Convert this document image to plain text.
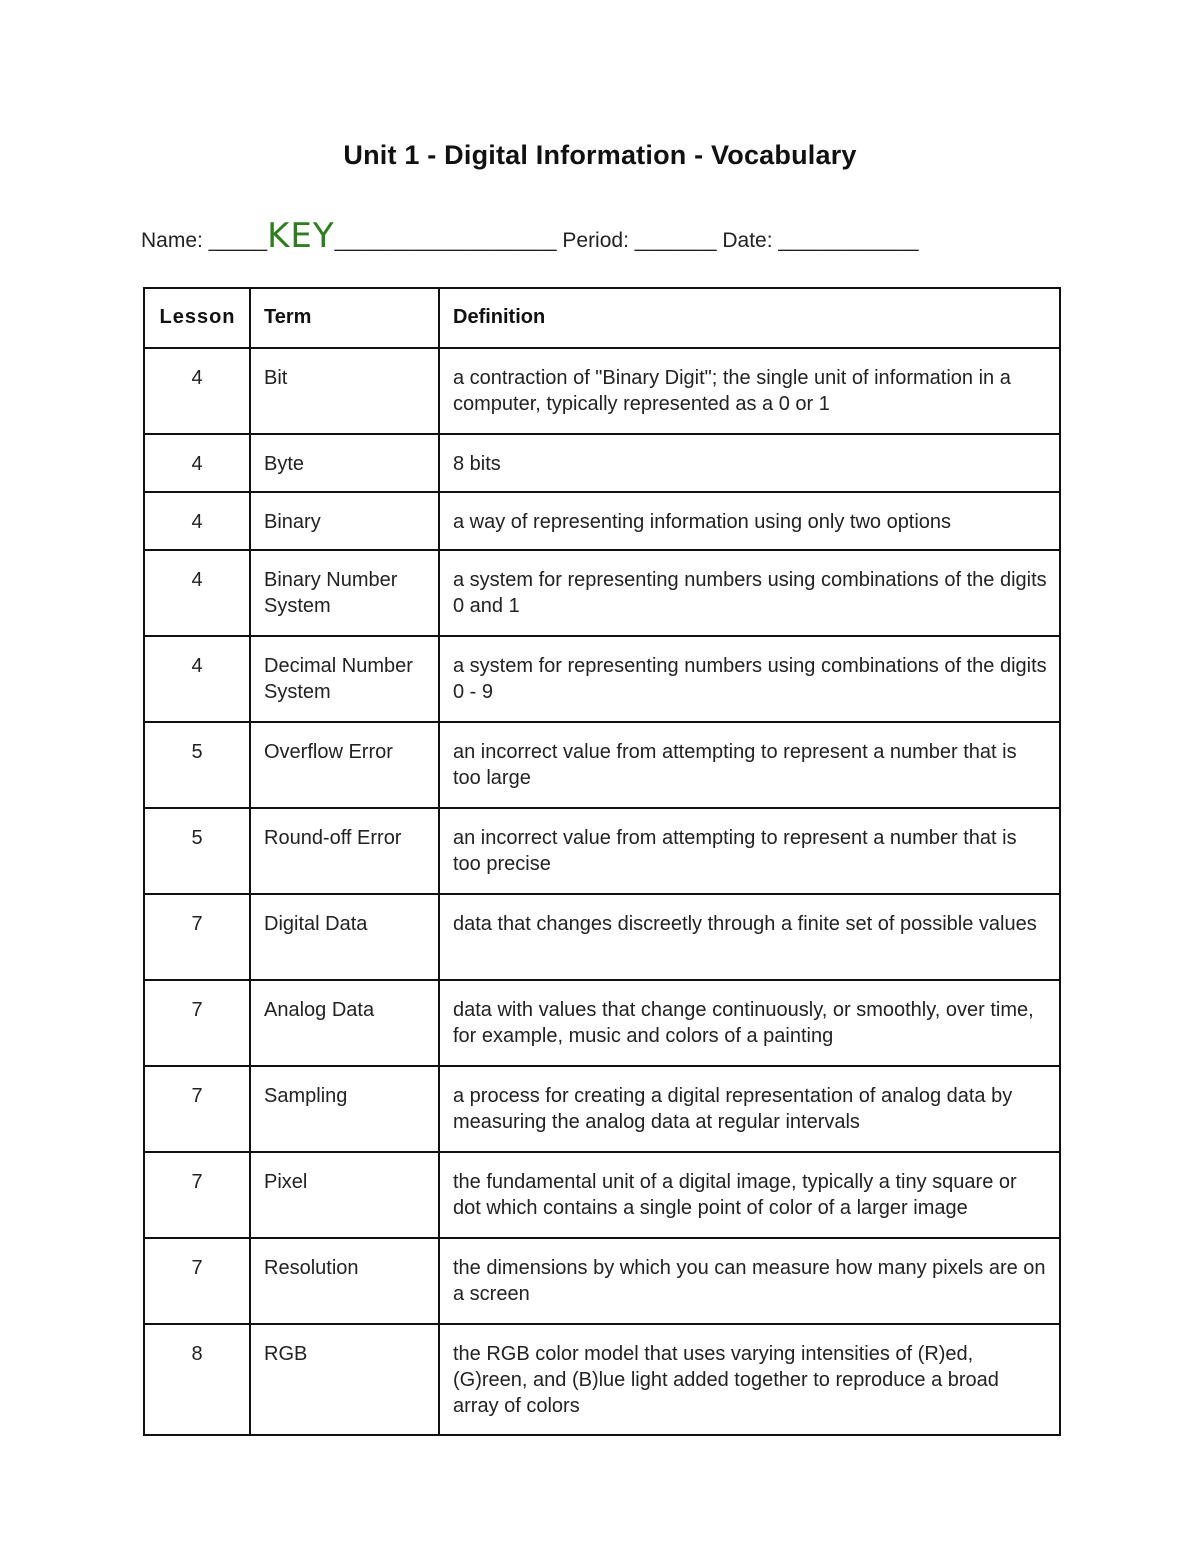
Unit 1 - Digital Information - Vocabulary
Name: _____KEY___________________ Period: _______ Date: ____________
Lesson	Term	Definition
4	Bit	a contraction of "Binary Digit"; the single unit of information in a computer, typically represented as a 0 or 1
4	Byte	8 bits
4	Binary	a way of representing information using only two options
4	Binary Number System	a system for representing numbers using combinations of the digits 0 and 1
4	Decimal Number System	a system for representing numbers using combinations of the digits 0 - 9
5	Overflow Error	an incorrect value from attempting to represent a number that is too large
5	Round-off Error	an incorrect value from attempting to represent a number that is too precise
7	Digital Data	data that changes discreetly through a finite set of possible values
7	Analog Data	data with values that change continuously, or smoothly, over time, for example, music and colors of a painting
7	Sampling	a process for creating a digital representation of analog data by measuring the analog data at regular intervals
7	Pixel	the fundamental unit of a digital image, typically a tiny square or dot which contains a single point of color of a larger image
7	Resolution	the dimensions by which you can measure how many pixels are on a screen
8	RGB	the RGB color model that uses varying intensities of (R)ed, (G)reen, and (B)lue light added together to reproduce a broad array of colors
